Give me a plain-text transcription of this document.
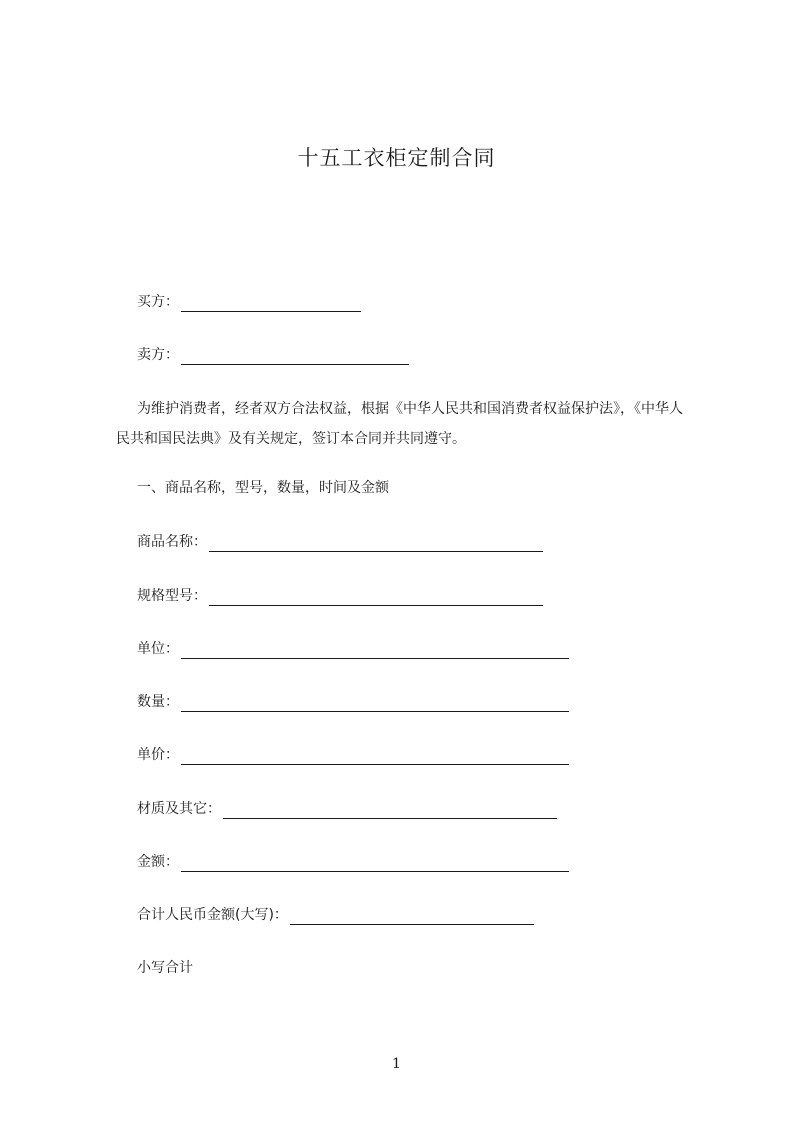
十五工衣柜定制合同
买方：
卖方：
为维护消费者，经者双方合法权益，根据《中华人民共和国消费者权益保护法》，《中华人民共和国民法典》及有关规定，签订本合同并共同遵守。
一、商品名称，型号，数量，时间及金额
商品名称：
规格型号：
单位：
数量：
单价：
材质及其它：
金额：
合计人民币金额(大写)：
小写合计
1
